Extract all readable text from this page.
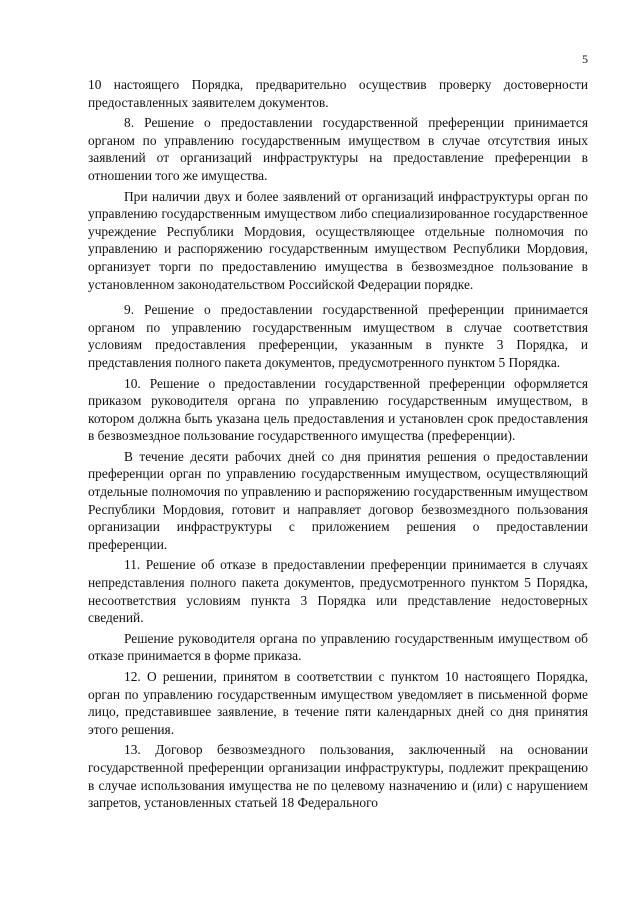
5

10 настоящего Порядка, предварительно осуществив проверку достоверности предоставленных заявителем документов.

8. Решение о предоставлении государственной преференции принимается органом по управлению государственным имуществом в случае отсутствия иных заявлений от организаций инфраструктуры на предоставление преференции в отношении того же имущества.

При наличии двух и более заявлений от организаций инфраструктуры орган по управлению государственным имуществом либо специализированное государственное учреждение Республики Мордовия, осуществляющее отдельные полномочия по управлению и распоряжению государственным имуществом Республики Мордовия, организует торги по предоставлению имущества в безвозмездное пользование в установленном законодательством Российской Федерации порядке.

9. Решение о предоставлении государственной преференции принимается органом по управлению государственным имуществом в случае соответствия условиям предоставления преференции, указанным в пункте 3 Порядка, и представления полного пакета документов, предусмотренного пунктом 5 Порядка.

10. Решение о предоставлении государственной преференции оформляется приказом руководителя органа по управлению государственным имуществом, в котором должна быть указана цель предоставления и установлен срок предоставления в безвозмездное пользование государственного имущества (преференции).

В течение десяти рабочих дней со дня принятия решения о предоставлении преференции орган по управлению государственным имуществом, осуществляющий отдельные полномочия по управлению и распоряжению государственным имуществом Республики Мордовия, готовит и направляет договор безвозмездного пользования организации инфраструктуры с приложением решения о предоставлении преференции.

11. Решение об отказе в предоставлении преференции принимается в случаях непредставления полного пакета документов, предусмотренного пунктом 5 Порядка, несоответствия условиям пункта 3 Порядка или представление недостоверных сведений.

Решение руководителя органа по управлению государственным имуществом об отказе принимается в форме приказа.

12. О решении, принятом в соответствии с пунктом 10 настоящего Порядка, орган по управлению государственным имуществом уведомляет в письменной форме лицо, представившее заявление, в течение пяти календарных дней со дня принятия этого решения.

13. Договор безвозмездного пользования, заключенный на основании государственной преференции организации инфраструктуры, подлежит прекращению в случае использования имущества не по целевому назначению и (или) с нарушением запретов, установленных статьей 18 Федерального
